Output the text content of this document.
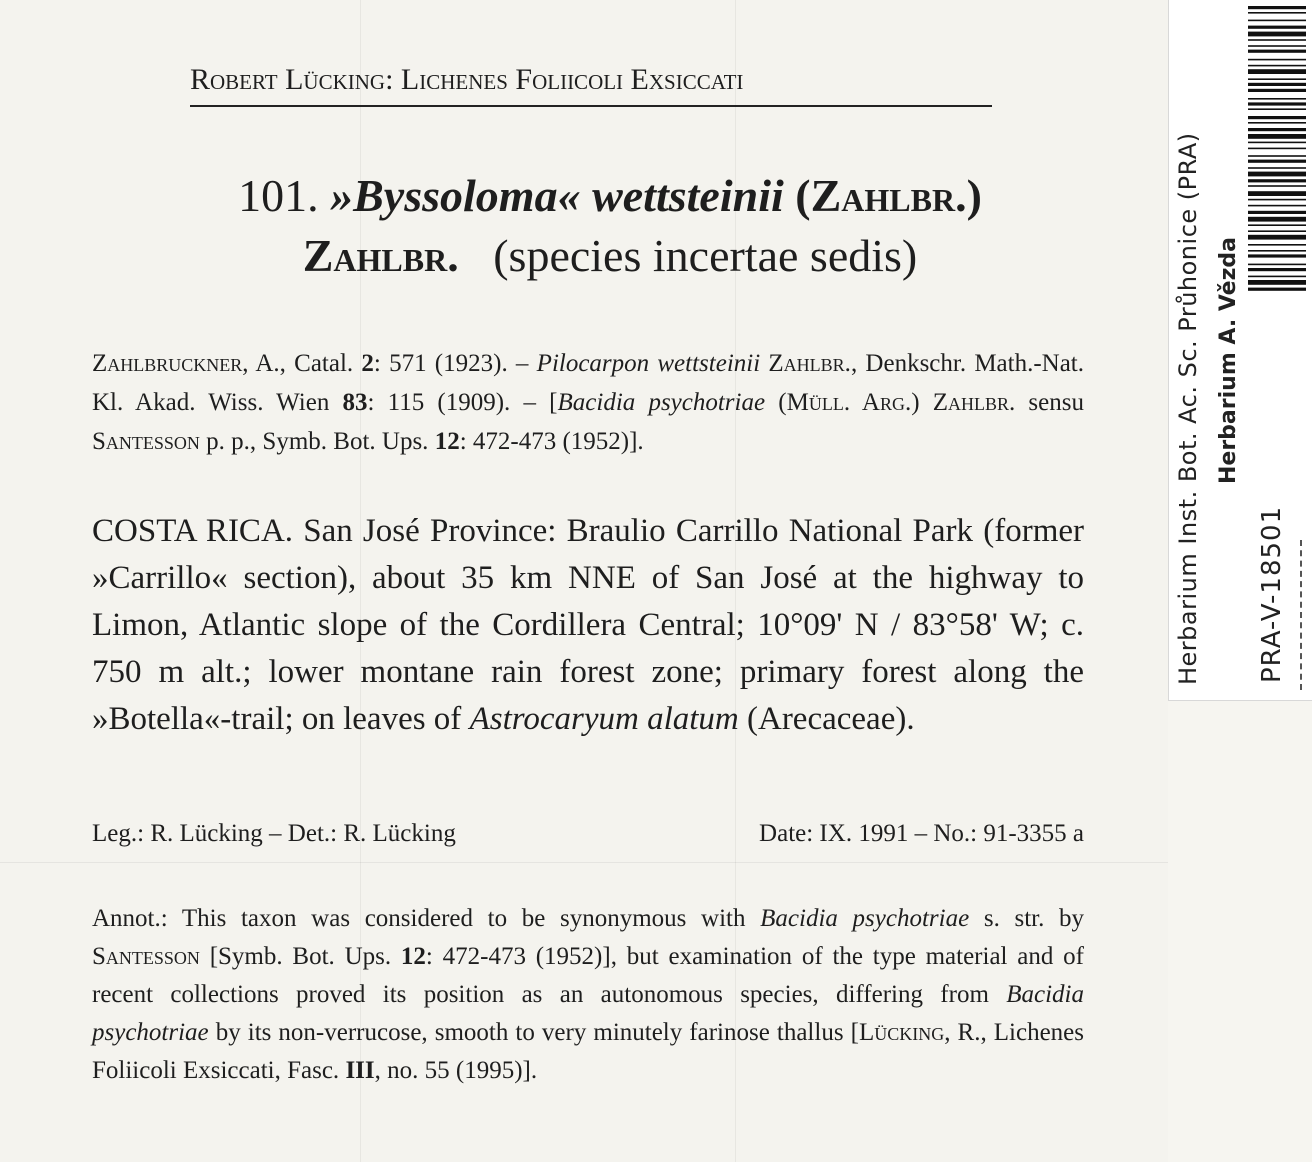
Robert Lücking: Lichenes Foliicoli Exsiccati
101. »Byssoloma« wettsteinii (Zahlbr.)
Zahlbr. (species incertae sedis)
Zahlbruckner, A., Catal. 2: 571 (1923). – Pilocarpon wettsteinii Zahlbr., Denkschr. Math.-Nat. Kl. Akad. Wiss. Wien 83: 115 (1909). – [Bacidia psychotriae (Müll. Arg.) Zahlbr. sensu Santesson p. p., Symb. Bot. Ups. 12: 472-473 (1952)].
COSTA RICA. San José Province: Braulio Carrillo National Park (former »Carrillo« section), about 35 km NNE of San José at the highway to Limon, Atlantic slope of the Cordillera Central; 10°09' N / 83°58' W; c. 750 m alt.; lower montane rain forest zone; primary forest along the »Botella«-trail; on leaves of Astrocaryum alatum (Arecaceae).
Leg.: R. Lücking – Det.: R. Lücking	Date: IX. 1991 – No.: 91-3355 a
Annot.: This taxon was considered to be synonymous with Bacidia psychotriae s. str. by Santesson [Symb. Bot. Ups. 12: 472-473 (1952)], but examination of the type material and of recent collections proved its position as an autonomous species, differing from Bacidia psychotriae by its non-verrucose, smooth to very minutely farinose thallus [Lücking, R., Lichenes Foliicoli Exsiccati, Fasc. III, no. 55 (1995)].
Herbarium Inst. Bot. Ac. Sc. Průhonice (PRA) Herbarium A. Vězda
PRA-V-18501
